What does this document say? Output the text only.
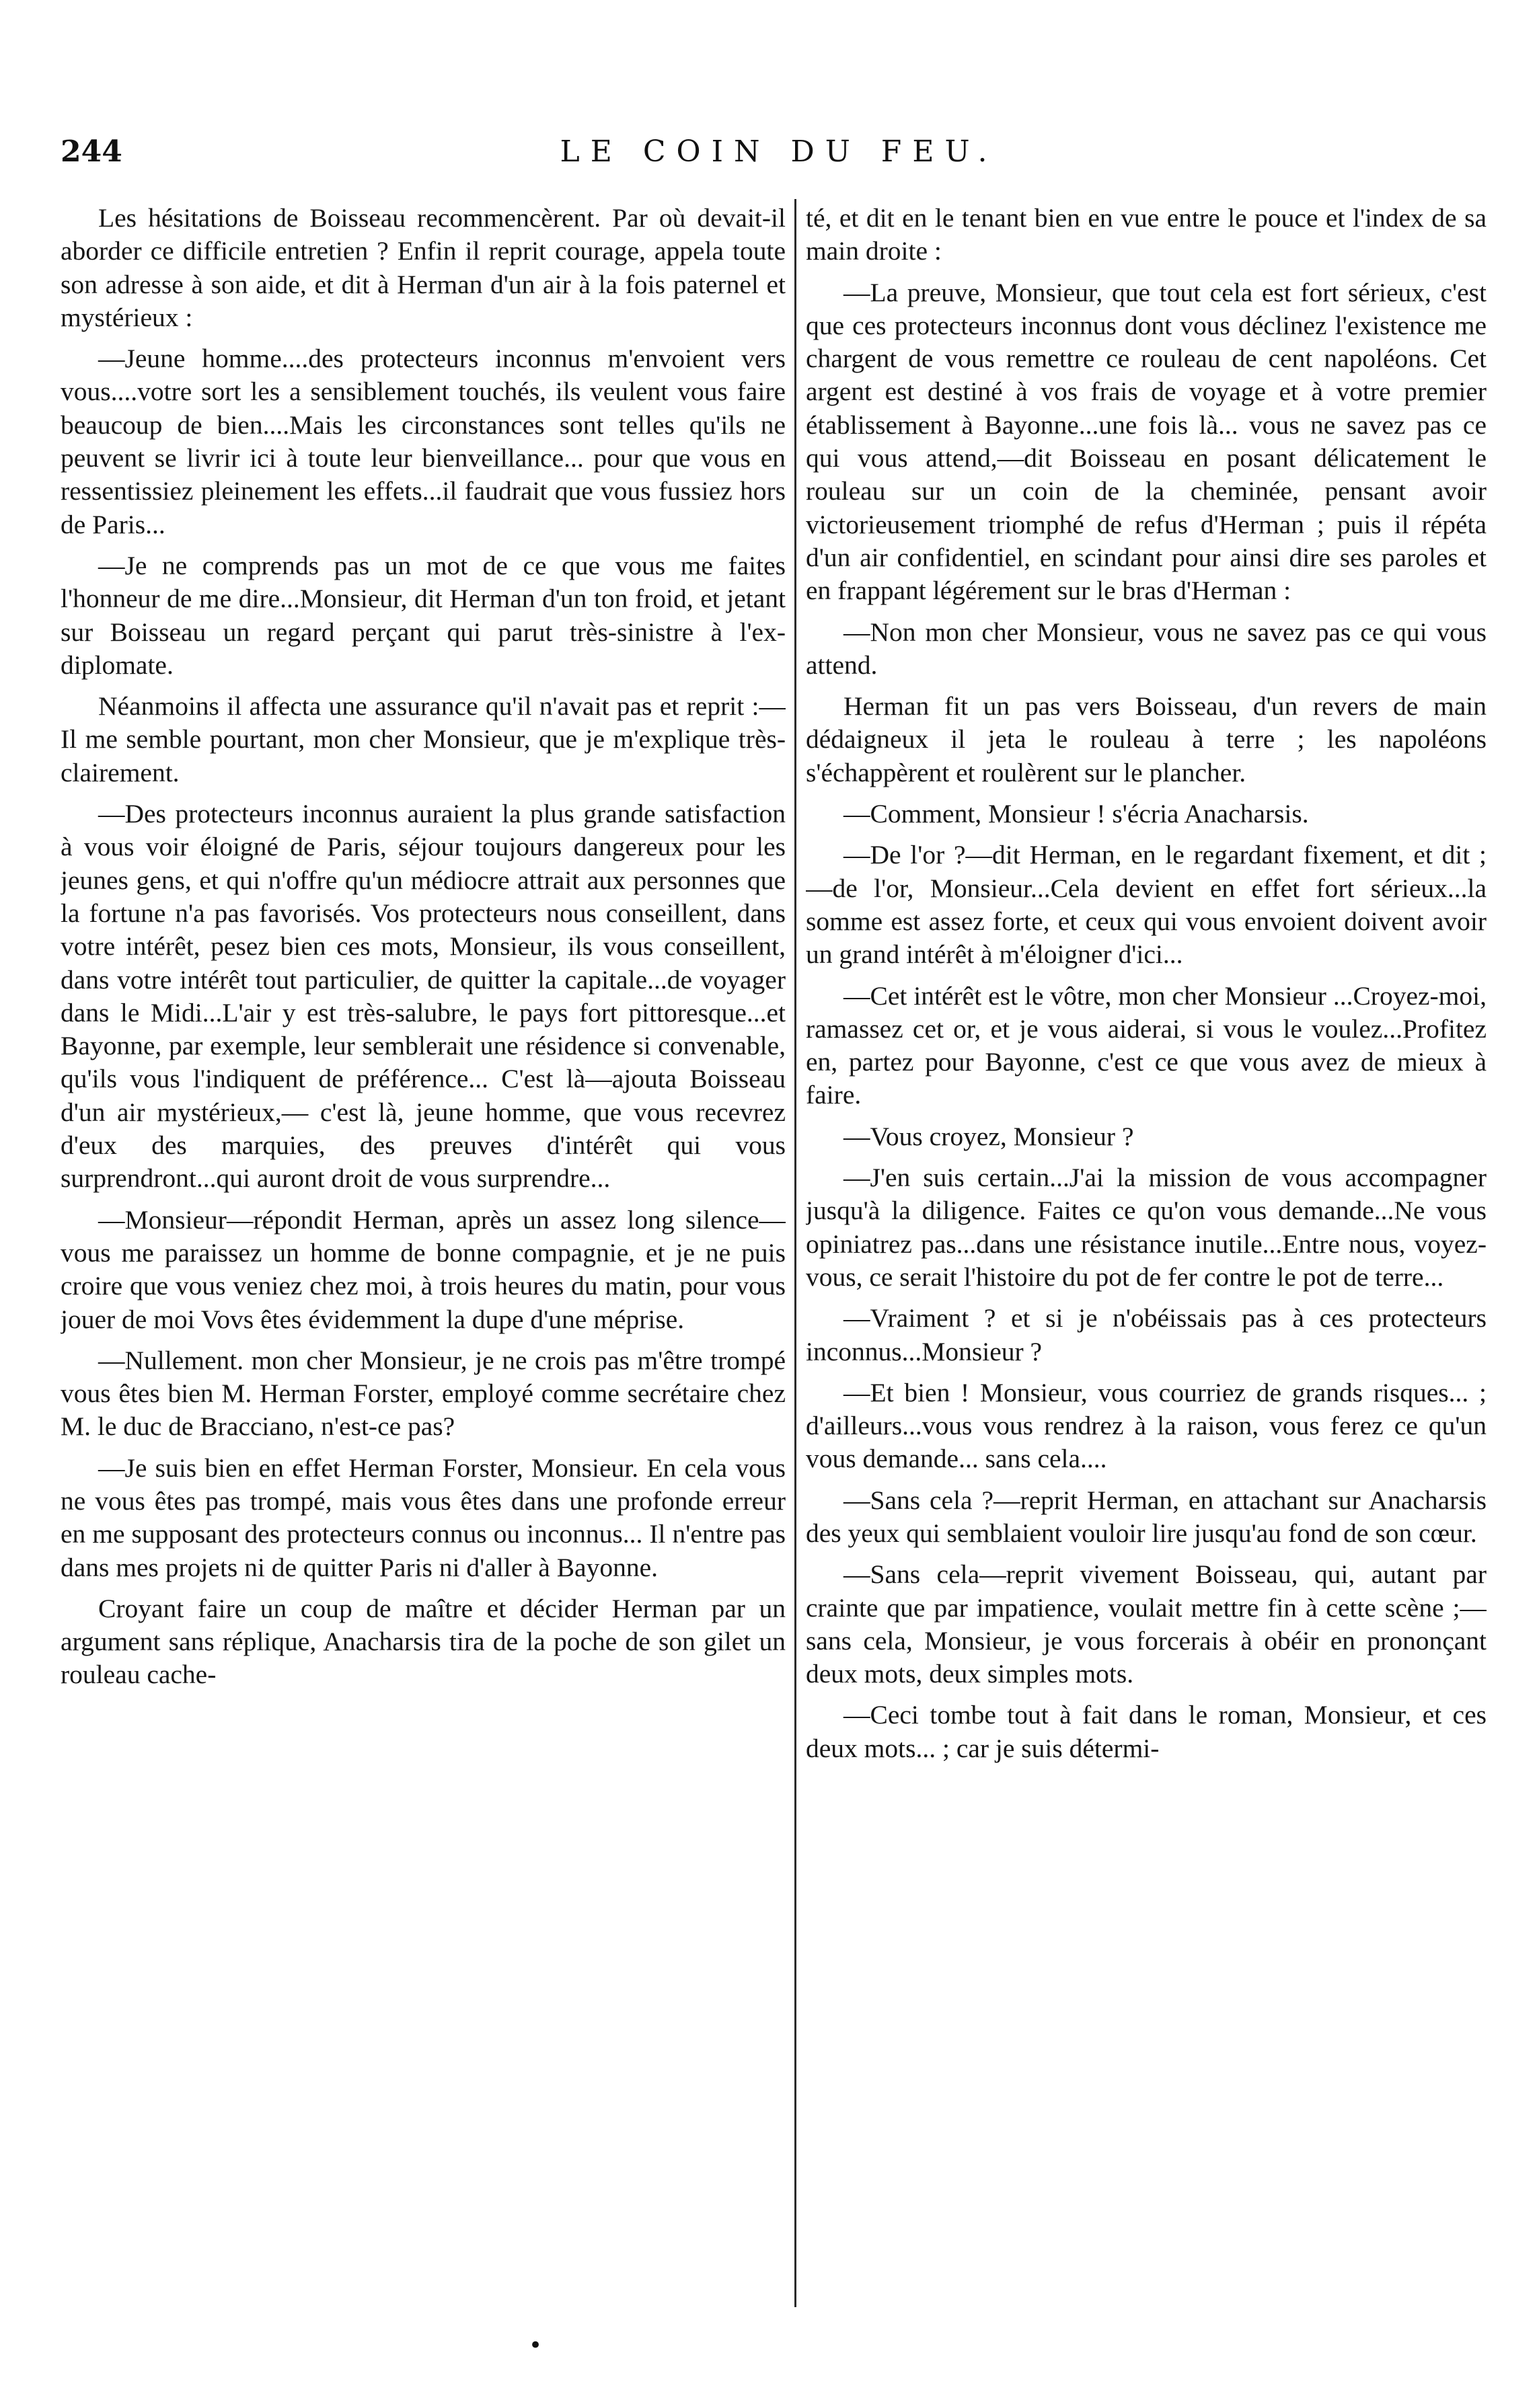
244	LE COIN DU FEU.

Les hésitations de Boisseau recommencèrent. Par où devait-il aborder ce difficile entretien ? Enfin il reprit courage, appela toute son adresse à son aide, et dit à Herman d'un air à la fois paternel et mystérieux :

—Jeune homme....des protecteurs inconnus m'envoient vers vous....votre sort les a sensiblement touchés, ils veulent vous faire beaucoup de bien....Mais les circonstances sont telles qu'ils ne peuvent se livrir ici à toute leur bienveillance... pour que vous en ressentissiez pleinement les effets...il faudrait que vous fussiez hors de Paris...

—Je ne comprends pas un mot de ce que vous me faites l'honneur de me dire...Monsieur, dit Herman d'un ton froid, et jetant sur Boisseau un regard perçant qui parut très-sinistre à l'ex-diplomate.

Néanmoins il affecta une assurance qu'il n'avait pas et reprit :—Il me semble pourtant, mon cher Monsieur, que je m'explique très-clairement.

—Des protecteurs inconnus auraient la plus grande satisfaction à vous voir éloigné de Paris, séjour toujours dangereux pour les jeunes gens, et qui n'offre qu'un médiocre attrait aux personnes que la fortune n'a pas favorisés. Vos protecteurs nous conseillent, dans votre intérêt, pesez bien ces mots, Monsieur, ils vous conseillent, dans votre intérêt tout particulier, de quitter la capitale...de voyager dans le Midi...L'air y est très-salubre, le pays fort pittoresque...et Bayonne, par exemple, leur semblerait une résidence si convenable, qu'ils vous l'indiquent de préférence... C'est là—ajouta Boisseau d'un air mystérieux,— c'est là, jeune homme, que vous recevrez d'eux des marquies, des preuves d'intérêt qui vous surprendront...qui auront droit de vous surprendre...

—Monsieur—répondit Herman, après un assez long silence—vous me paraissez un homme de bonne compagnie, et je ne puis croire que vous veniez chez moi, à trois heures du matin, pour vous jouer de moi Vovs êtes évidemment la dupe d'une méprise.

—Nullement. mon cher Monsieur, je ne crois pas m'être trompé vous êtes bien M. Herman Forster, employé comme secrétaire chez M. le duc de Bracciano, n'est-ce pas?

—Je suis bien en effet Herman Forster, Monsieur. En cela vous ne vous êtes pas trompé, mais vous êtes dans une profonde erreur en me supposant des protecteurs connus ou inconnus... Il n'entre pas dans mes projets ni de quitter Paris ni d'aller à Bayonne.

Croyant faire un coup de maître et décider Herman par un argument sans réplique, Anacharsis tira de la poche de son gilet un rouleau cache-

té, et dit en le tenant bien en vue entre le pouce et l'index de sa main droite :

—La preuve, Monsieur, que tout cela est fort sérieux, c'est que ces protecteurs inconnus dont vous déclinez l'existence me chargent de vous remettre ce rouleau de cent napoléons. Cet argent est destiné à vos frais de voyage et à votre premier établissement à Bayonne...une fois là... vous ne savez pas ce qui vous attend,—dit Boisseau en posant délicatement le rouleau sur un coin de la cheminée, pensant avoir victorieusement triomphé de refus d'Herman ; puis il répéta d'un air confidentiel, en scindant pour ainsi dire ses paroles et en frappant légérement sur le bras d'Herman :

—Non mon cher Monsieur, vous ne savez pas ce qui vous attend.

Herman fit un pas vers Boisseau, d'un revers de main dédaigneux il jeta le rouleau à terre ; les napoléons s'échappèrent et roulèrent sur le plancher.

—Comment, Monsieur ! s'écria Anacharsis.

—De l'or ?—dit Herman, en le regardant fixement, et dit ;—de l'or, Monsieur...Cela devient en effet fort sérieux...la somme est assez forte, et ceux qui vous envoient doivent avoir un grand intérêt à m'éloigner d'ici...

—Cet intérêt est le vôtre, mon cher Monsieur ...Croyez-moi, ramassez cet or, et je vous aiderai, si vous le voulez...Profitez en, partez pour Bayonne, c'est ce que vous avez de mieux à faire.

—Vous croyez, Monsieur ?

—J'en suis certain...J'ai la mission de vous accompagner jusqu'à la diligence. Faites ce qu'on vous demande...Ne vous opiniatrez pas...dans une résistance inutile...Entre nous, voyez-vous, ce serait l'histoire du pot de fer contre le pot de terre...

—Vraiment ? et si je n'obéissais pas à ces protecteurs inconnus...Monsieur ?

—Et bien ! Monsieur, vous courriez de grands risques... ; d'ailleurs...vous vous rendrez à la raison, vous ferez ce qu'un vous demande... sans cela....

—Sans cela ?—reprit Herman, en attachant sur Anacharsis des yeux qui semblaient vouloir lire jusqu'au fond de son cœur.

—Sans cela—reprit vivement Boisseau, qui, autant par crainte que par impatience, voulait mettre fin à cette scène ;—sans cela, Monsieur, je vous forcerais à obéir en prononçant deux mots, deux simples mots.

—Ceci tombe tout à fait dans le roman, Monsieur, et ces deux mots... ; car je suis détermi-

•
